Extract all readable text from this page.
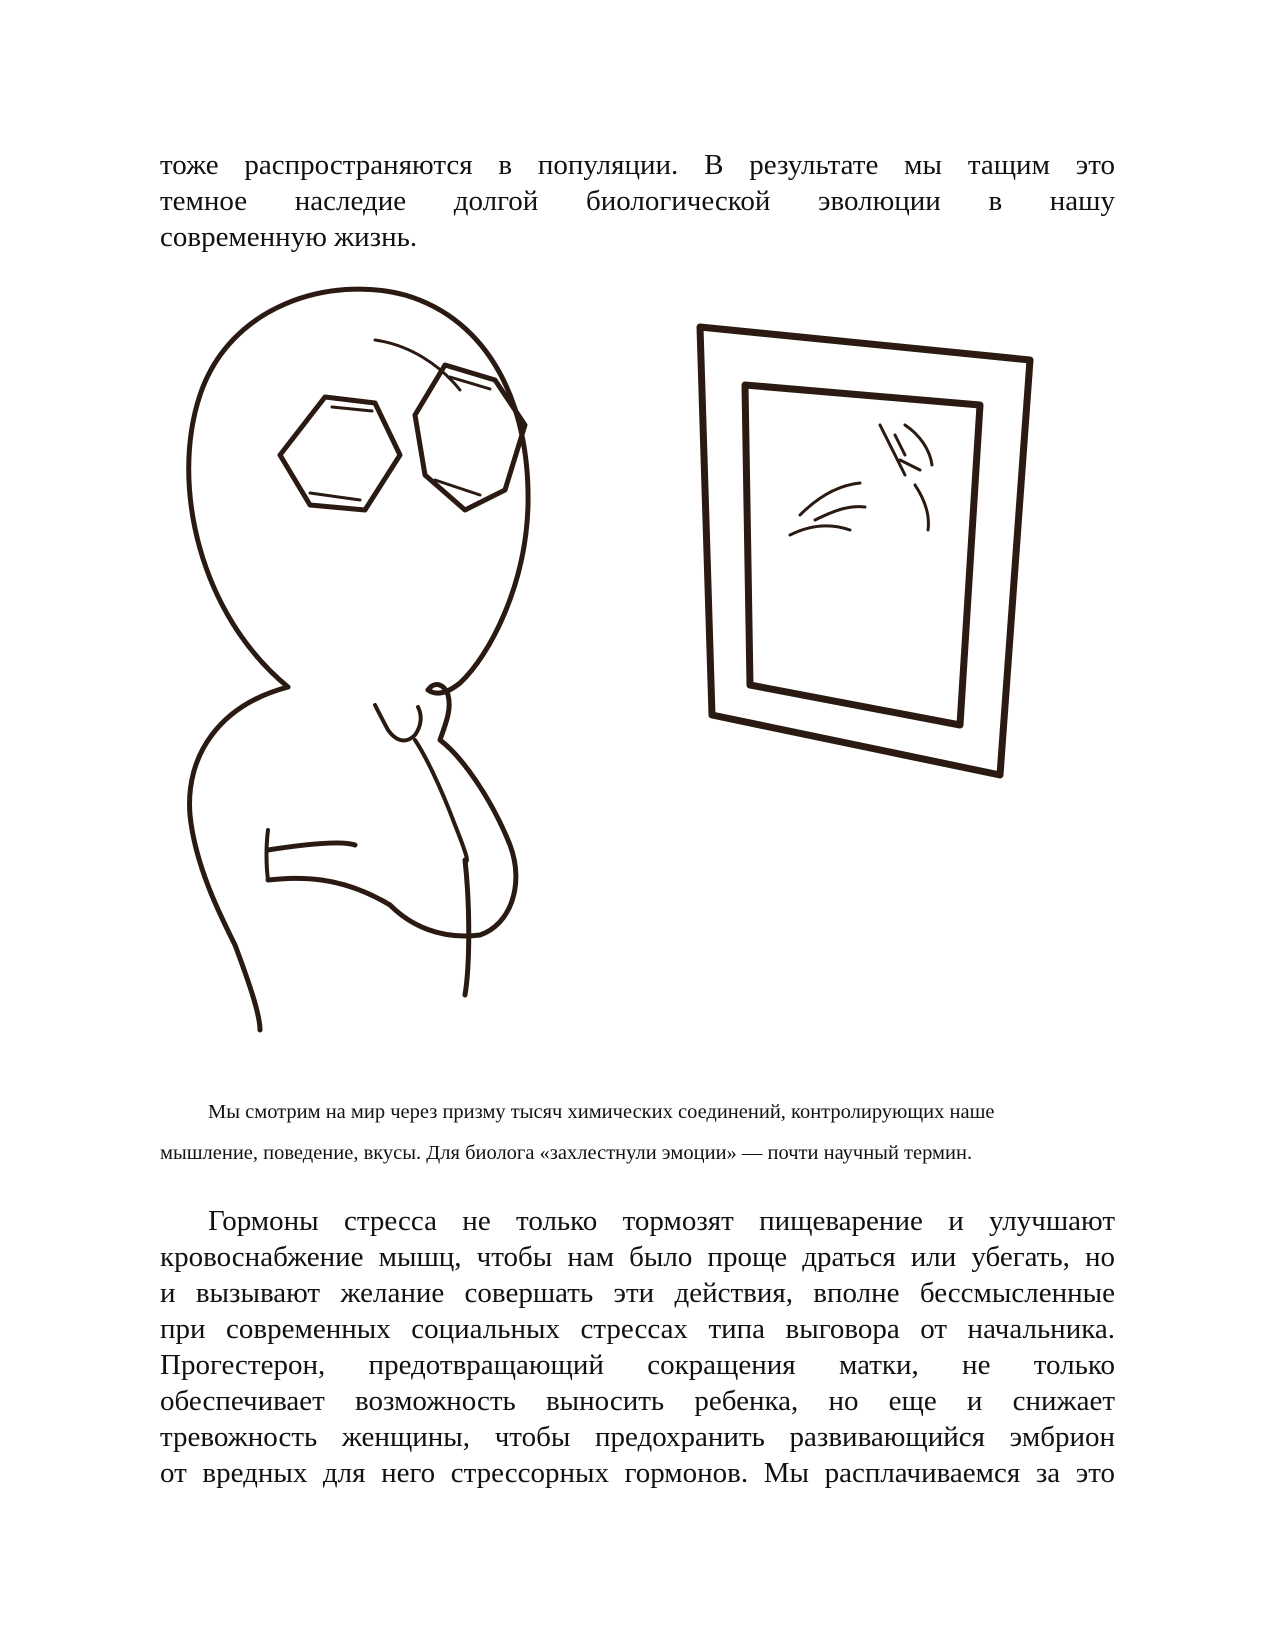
тоже распространяются в популяции. В результате мы тащим это
темное наследие долгой биологической эволюции в нашу
современную жизнь.
Мы смотрим на мир через призму тысяч химических соединений, контролирующих наше
мышление, поведение, вкусы. Для биолога «захлестнули эмоции» — почти научный термин.
Гормоны стресса не только тормозят пищеварение и улучшают
кровоснабжение мышц, чтобы нам было проще драться или убегать, но
и вызывают желание совершать эти действия, вполне бессмысленные
при современных социальных стрессах типа выговора от начальника.
Прогестерон, предотвращающий сокращения матки, не только
обеспечивает возможность выносить ребенка, но еще и снижает
тревожность женщины, чтобы предохранить развивающийся эмбрион
от вредных для него стрессорных гормонов. Мы расплачиваемся за это
